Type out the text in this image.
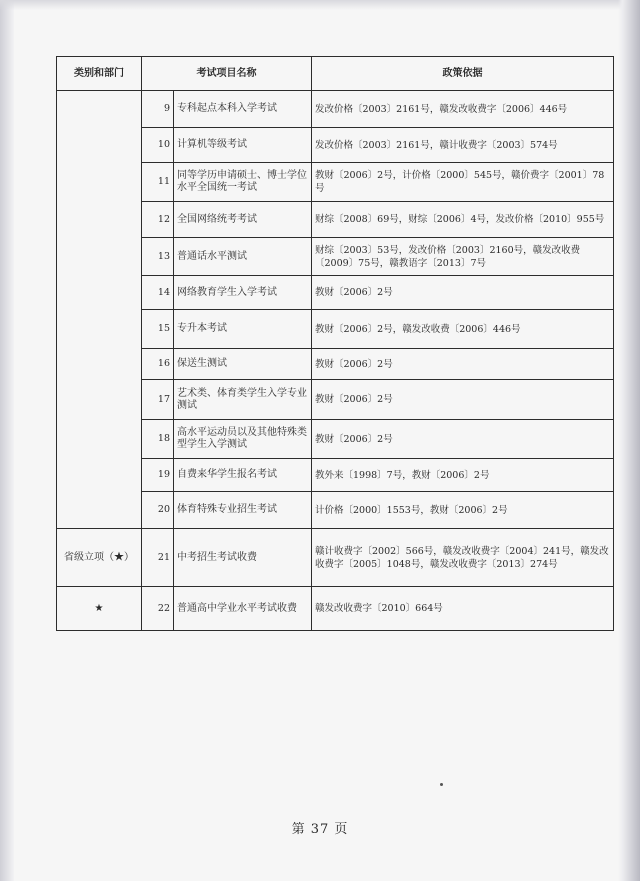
类别和部门	考试项目名称		政策依据
	9	专科起点本科入学考试	发改价格〔2003〕2161号，赣发改收费字〔2006〕446号
	10	计算机等级考试	发改价格〔2003〕2161号，赣计收费字〔2003〕574号
	11	同等学历申请硕士、博士学位水平全国统一考试	教财〔2006〕2号，计价格〔2000〕545号，赣价费字〔2001〕78号
	12	全国网络统考考试	财综〔2008〕69号，财综〔2006〕4号，发改价格〔2010〕955号
	13	普通话水平测试	财综〔2003〕53号，发改价格〔2003〕2160号，赣发改收费〔2009〕75号，赣教语字〔2013〕7号
	14	网络教育学生入学考试	教财〔2006〕2号
	15	专升本考试	教财〔2006〕2号，赣发改收费〔2006〕446号
	16	保送生测试	教财〔2006〕2号
	17	艺术类、体育类学生入学专业测试	教财〔2006〕2号
	18	高水平运动员以及其他特殊类型学生入学测试	教财〔2006〕2号
	19	自费来华学生报名考试	教外来〔1998〕7号，教财〔2006〕2号
	20	体育特殊专业招生考试	计价格〔2000〕1553号，教财〔2006〕2号
省级立项（★）	21	中考招生考试收费	赣计收费字〔2002〕566号，赣发改收费字〔2004〕241号，赣发改收费字〔2005〕1048号，赣发改收费字〔2013〕274号
★	22	普通高中学业水平考试收费	赣发改收费字〔2010〕664号
第 37 页
